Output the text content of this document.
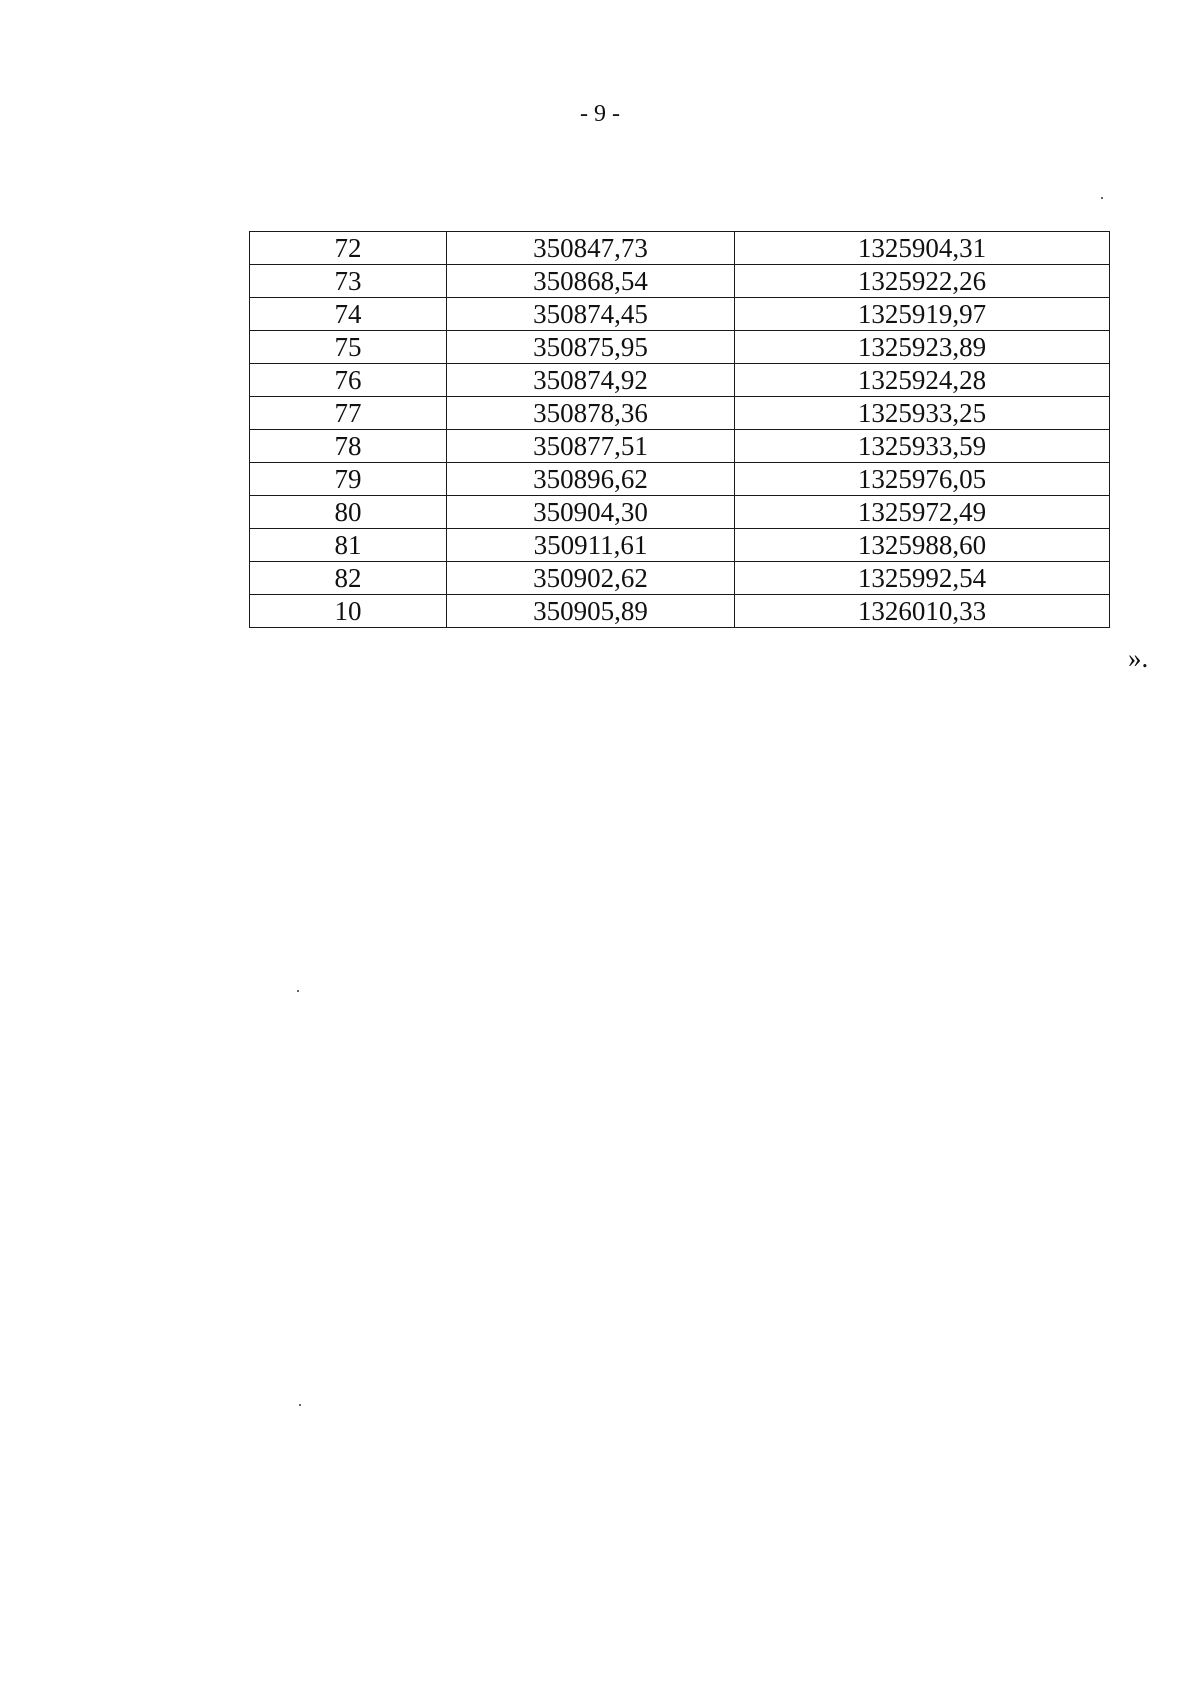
- 9 -
72	350847,73	1325904,31
73	350868,54	1325922,26
74	350874,45	1325919,97
75	350875,95	1325923,89
76	350874,92	1325924,28
77	350878,36	1325933,25
78	350877,51	1325933,59
79	350896,62	1325976,05
80	350904,30	1325972,49
81	350911,61	1325988,60
82	350902,62	1325992,54
10	350905,89	1326010,33
».
